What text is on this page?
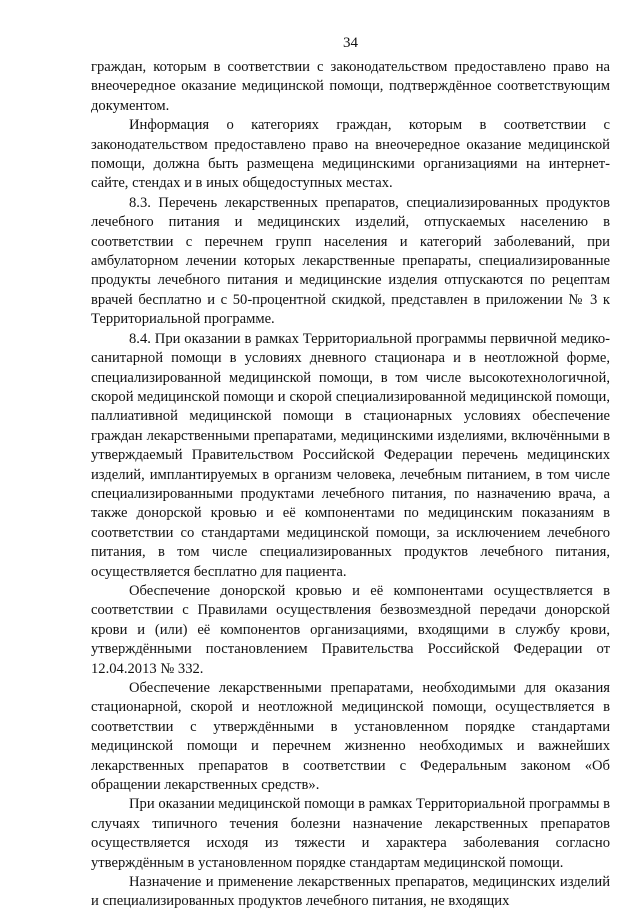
34

граждан, которым в соответствии с законодательством предоставлено право на внеочередное оказание медицинской помощи, подтверждённое соответствующим документом.

Информация о категориях граждан, которым в соответствии с законодательством предоставлено право на внеочередное оказание медицинской помощи, должна быть размещена медицинскими организациями на интернет-сайте, стендах и в иных общедоступных местах.

8.3. Перечень лекарственных препаратов, специализированных продуктов лечебного питания и медицинских изделий, отпускаемых населению в соответствии с перечнем групп населения и категорий заболеваний, при амбулаторном лечении которых лекарственные препараты, специализированные продукты лечебного питания и медицинские изделия отпускаются по рецептам врачей бесплатно и с 50-процентной скидкой, представлен в приложении № 3 к Территориальной программе.

8.4. При оказании в рамках Территориальной программы первичной медико-санитарной помощи в условиях дневного стационара и в неотложной форме, специализированной медицинской помощи, в том числе высокотехнологичной, скорой медицинской помощи и скорой специализированной медицинской помощи, паллиативной медицинской помощи в стационарных условиях обеспечение граждан лекарственными препаратами, медицинскими изделиями, включёнными в утверждаемый Правительством Российской Федерации перечень медицинских изделий, имплантируемых в организм человека, лечебным питанием, в том числе специализированными продуктами лечебного питания, по назначению врача, а также донорской кровью и её компонентами по медицинским показаниям в соответствии со стандартами медицинской помощи, за исключением лечебного питания, в том числе специализированных продуктов лечебного питания, осуществляется бесплатно для пациента.

Обеспечение донорской кровью и её компонентами осуществляется в соответствии с Правилами осуществления безвозмездной передачи донорской крови и (или) её компонентов организациями, входящими в службу крови, утверждёнными постановлением Правительства Российской Федерации от 12.04.2013 № 332.

Обеспечение лекарственными препаратами, необходимыми для оказания стационарной, скорой и неотложной медицинской помощи, осуществляется в соответствии с утверждёнными в установленном порядке стандартами медицинской помощи и перечнем жизненно необходимых и важнейших лекарственных препаратов в соответствии с Федеральным законом «Об обращении лекарственных средств».

При оказании медицинской помощи в рамках Территориальной программы в случаях типичного течения болезни назначение лекарственных препаратов осуществляется исходя из тяжести и характера заболевания согласно утверждённым в установленном порядке стандартам медицинской помощи.

Назначение и применение лекарственных препаратов, медицинских изделий и специализированных продуктов лечебного питания, не входящих
